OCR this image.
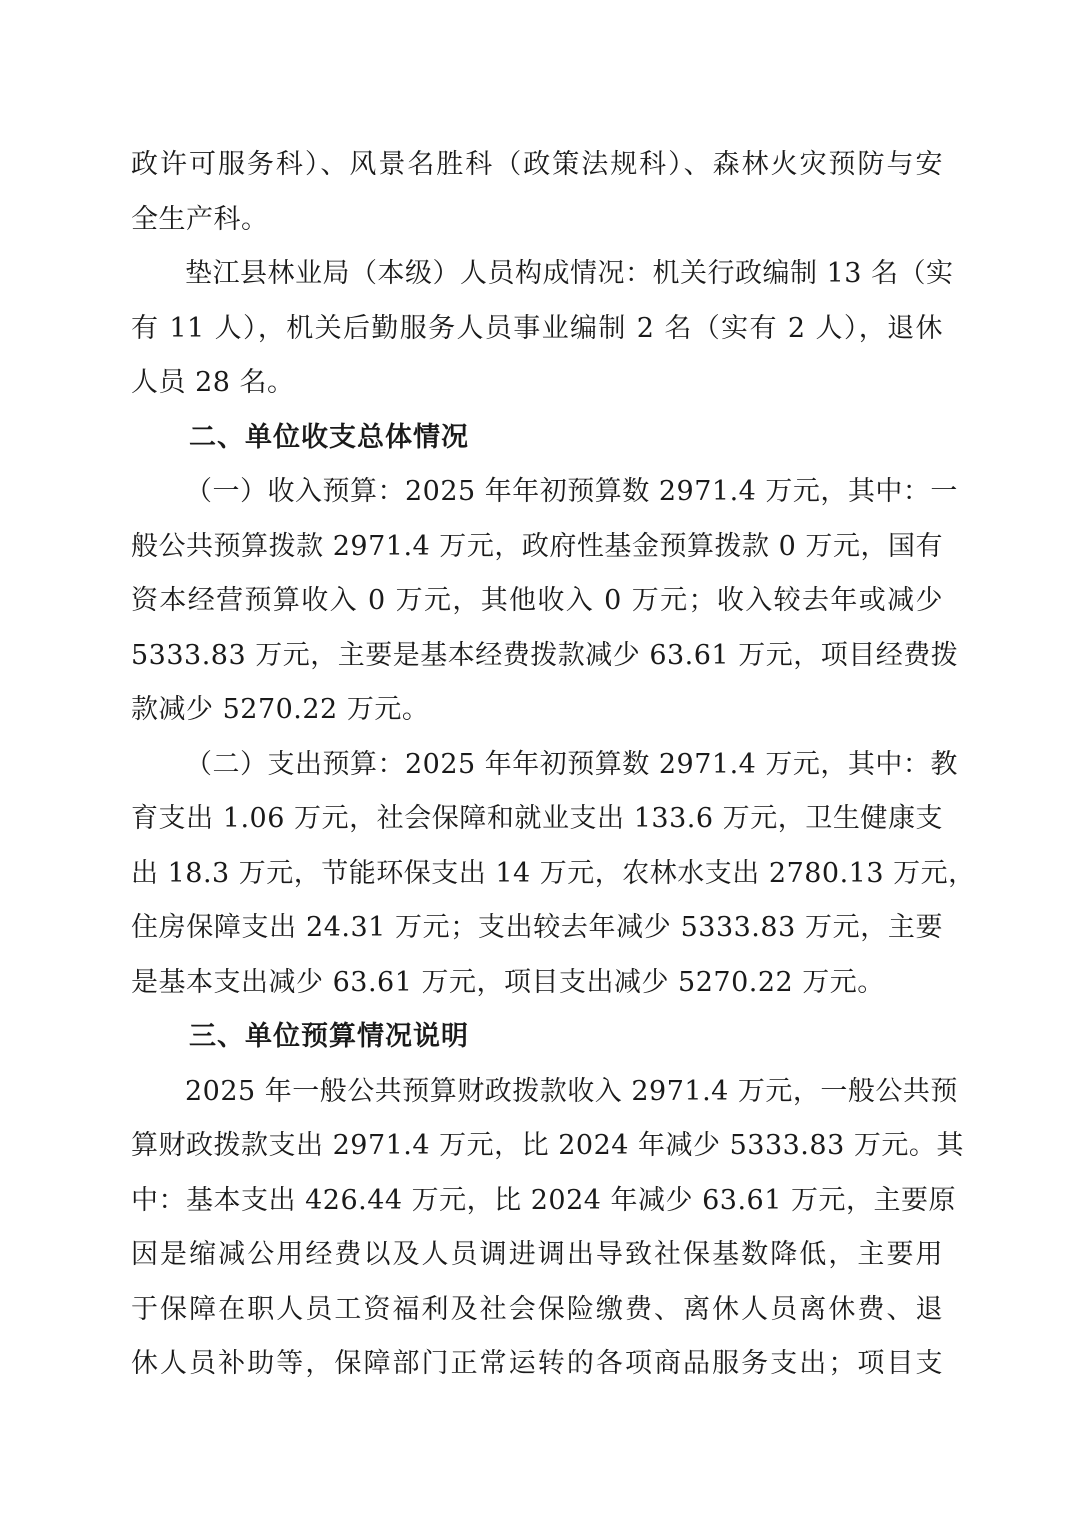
政许可服务科）、风景名胜科（政策法规科）、森林火灾预防与安
全生产科。
垫江县林业局（本级）人员构成情况：机关行政编制 13 名（实
有 11 人），机关后勤服务人员事业编制 2 名（实有 2 人），退休
人员 28 名。
二、单位收支总体情况
（一）收入预算：2025 年年初预算数 2971.4 万元，其中：一
般公共预算拨款 2971.4 万元，政府性基金预算拨款 0 万元，国有
资本经营预算收入 0 万元，其他收入 0 万元；收入较去年或减少
5333.83 万元，主要是基本经费拨款减少 63.61 万元，项目经费拨
款减少 5270.22 万元。
（二）支出预算：2025 年年初预算数 2971.4 万元，其中：教
育支出 1.06 万元，社会保障和就业支出 133.6 万元，卫生健康支
出 18.3 万元，节能环保支出 14 万元，农林水支出 2780.13 万元，
住房保障支出 24.31 万元；支出较去年减少 5333.83 万元，主要
是基本支出减少 63.61 万元，项目支出减少 5270.22 万元。
三、单位预算情况说明
2025 年一般公共预算财政拨款收入 2971.4 万元，一般公共预
算财政拨款支出 2971.4 万元，比 2024 年减少 5333.83 万元。其
中：基本支出 426.44 万元，比 2024 年减少 63.61 万元，主要原
因是缩减公用经费以及人员调进调出导致社保基数降低，主要用
于保障在职人员工资福利及社会保险缴费、离休人员离休费、退
休人员补助等，保障部门正常运转的各项商品服务支出；项目支
